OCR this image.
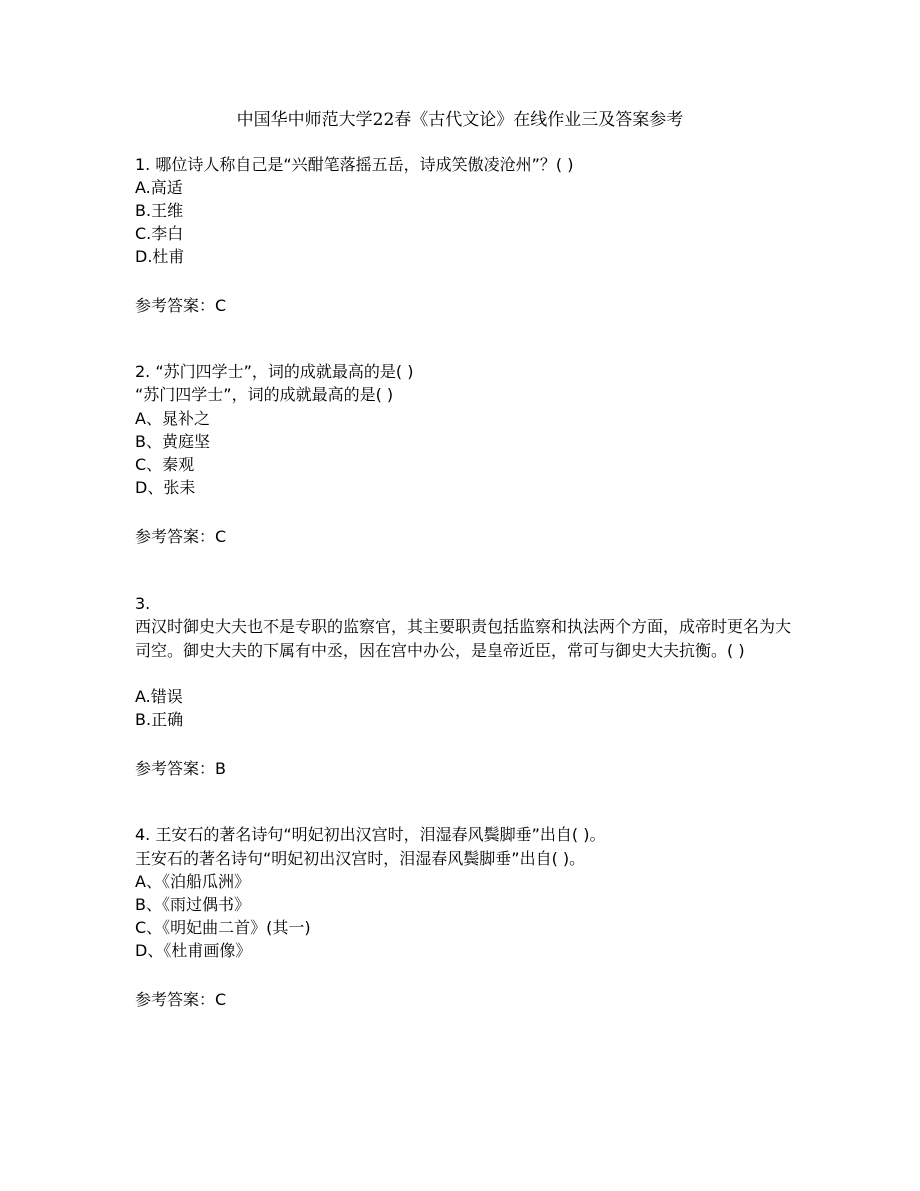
中国华中师范大学22春《古代文论》在线作业三及答案参考
1. 哪位诗人称自己是“兴酣笔落摇五岳，诗成笑傲凌沧州”？( )
A.高适
B.王维
C.李白
D.杜甫
参考答案：C
2. “苏门四学士”，词的成就最高的是( )
“苏门四学士”，词的成就最高的是( )
A、晁补之
B、黄庭坚
C、秦观
D、张耒
参考答案：C
3.
西汉时御史大夫也不是专职的监察官，其主要职责包括监察和执法两个方面，成帝时更名为大司空。御史大夫的下属有中丞，因在宫中办公，是皇帝近臣，常可与御史大夫抗衡。( )
A.错误
B.正确
参考答案：B
4. 王安石的著名诗句“明妃初出汉宫时，泪湿春风鬓脚垂”出自( )。
王安石的著名诗句“明妃初出汉宫时，泪湿春风鬓脚垂”出自( )。
A、《泊船瓜洲》
B、《雨过偶书》
C、《明妃曲二首》(其一)
D、《杜甫画像》
参考答案：C
